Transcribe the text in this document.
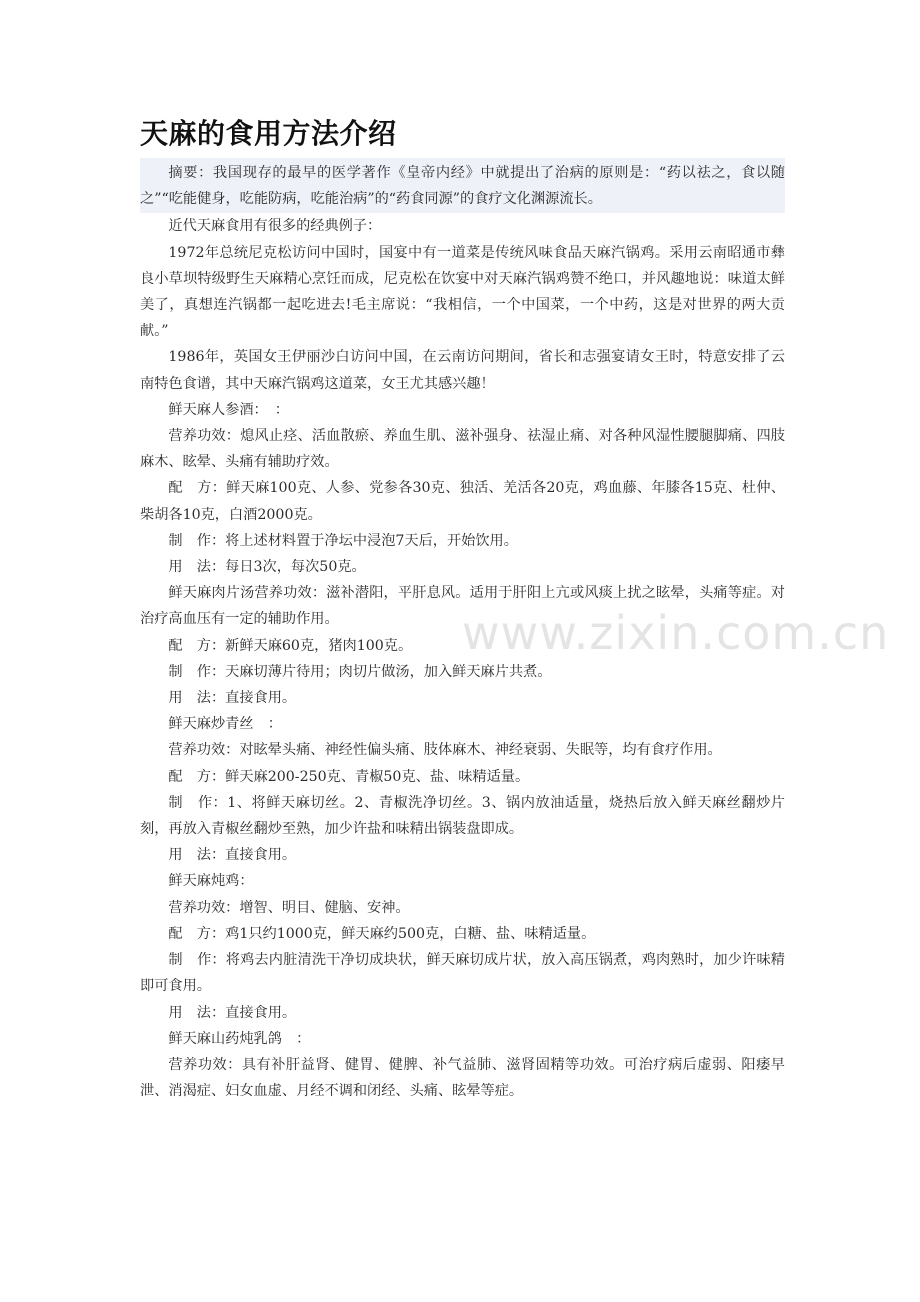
天麻的食用方法介绍

摘要：我国现存的最早的医学著作《皇帝内经》中就提出了治病的原则是：“药以祛之，食以随之”“吃能健身，吃能防病，吃能治病”的“药食同源”的食疗文化渊源流长。

近代天麻食用有很多的经典例子：

1972年总统尼克松访问中国时，国宴中有一道菜是传统风味食品天麻汽锅鸡。采用云南昭通市彝良小草坝特级野生天麻精心烹饪而成，尼克松在饮宴中对天麻汽锅鸡赞不绝口，并风趣地说：味道太鲜美了，真想连汽锅都一起吃进去!毛主席说：“我相信，一个中国菜，一个中药，这是对世界的两大贡献。”

1986年，英国女王伊丽沙白访问中国，在云南访问期间，省长和志强宴请女王时，特意安排了云南特色食谱，其中天麻汽锅鸡这道菜，女王尤其感兴趣！

鲜天麻人参酒：　：

营养功效：熄风止痉、活血散瘀、养血生肌、滋补强身、祛湿止痛、对各种风湿性腰腿脚痛、四肢麻木、眩晕、头痛有辅助疗效。

配　方：鲜天麻100克、人参、党参各30克、独活、羌活各20克，鸡血藤、年膝各15克、杜仲、柴胡各10克，白酒2000克。

制　作：将上述材料置于净坛中浸泡7天后，开始饮用。

用　法：每日3次，每次50克。

鲜天麻肉片汤营养功效：滋补潜阳，平肝息风。适用于肝阳上亢或风痰上扰之眩晕，头痛等症。对治疗高血压有一定的辅助作用。

配　方：新鲜天麻60克，猪肉100克。

制　作：天麻切薄片待用；肉切片做汤，加入鲜天麻片共煮。

用　法：直接食用。

鲜天麻炒青丝　：

营养功效：对眩晕头痛、神经性偏头痛、肢体麻木、神经衰弱、失眠等，均有食疗作用。

配　方：鲜天麻200-250克、青椒50克、盐、味精适量。

制　作：1、将鲜天麻切丝。2、青椒洗净切丝。3、锅内放油适量，烧热后放入鲜天麻丝翻炒片刻，再放入青椒丝翻炒至熟，加少许盐和味精出锅装盘即成。

用　法：直接食用。

鲜天麻炖鸡：

营养功效：增智、明目、健脑、安神。

配　方：鸡1只约1000克，鲜天麻约500克，白糖、盐、味精适量。

制　作：将鸡去内脏清洗干净切成块状，鲜天麻切成片状，放入高压锅煮，鸡肉熟时，加少许味精即可食用。

用　法：直接食用。

鲜天麻山药炖乳鸽　：

营养功效：具有补肝益肾、健胃、健脾、补气益肺、滋肾固精等功效。可治疗病后虚弱、阳痿早泄、消渴症、妇女血虚、月经不调和闭经、头痛、眩晕等症。

www.zixin.com.cn
